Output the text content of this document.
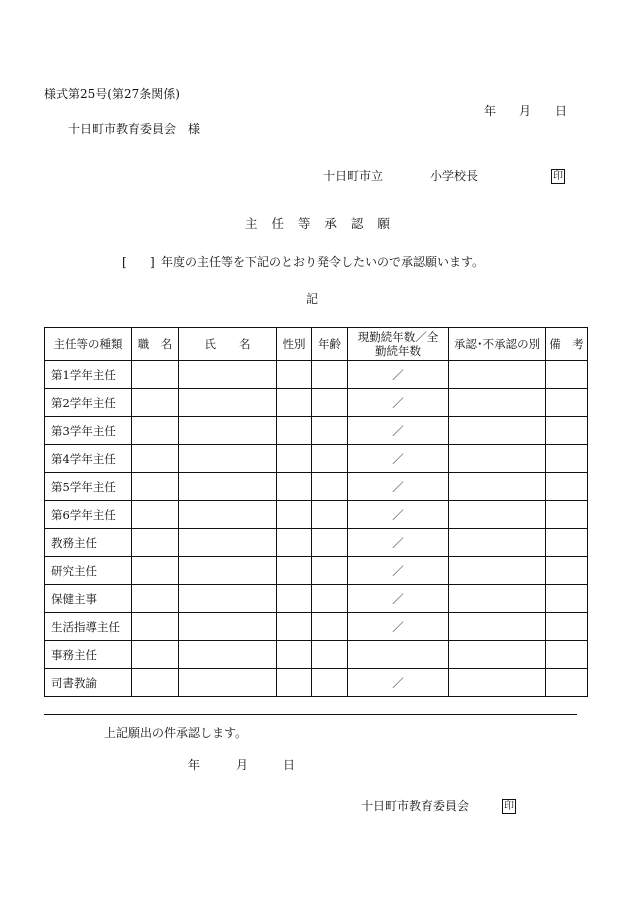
様式第25号(第27条関係)
年 月 日
十日町市教育委員会　様
十日町市立	小学校長	印
主 任 等 承 認 願
[ ] 年度の主任等を下記のとおり発令したいので承認願います。
記
主任等の種類	職　名	氏　　名	性別	年齢	現勤続年数／全勤続年数	承認･不承認の別	備　考
第1学年主任					／		
第2学年主任					／		
第3学年主任					／		
第4学年主任					／		
第5学年主任					／		
第6学年主任					／		
教務主任					／		
研究主任					／		
保健主事					／		
生活指導主任					／		
事務主任							
司書教諭					／		
上記願出の件承認します。
年	月	日
十日町市教育委員会	印
